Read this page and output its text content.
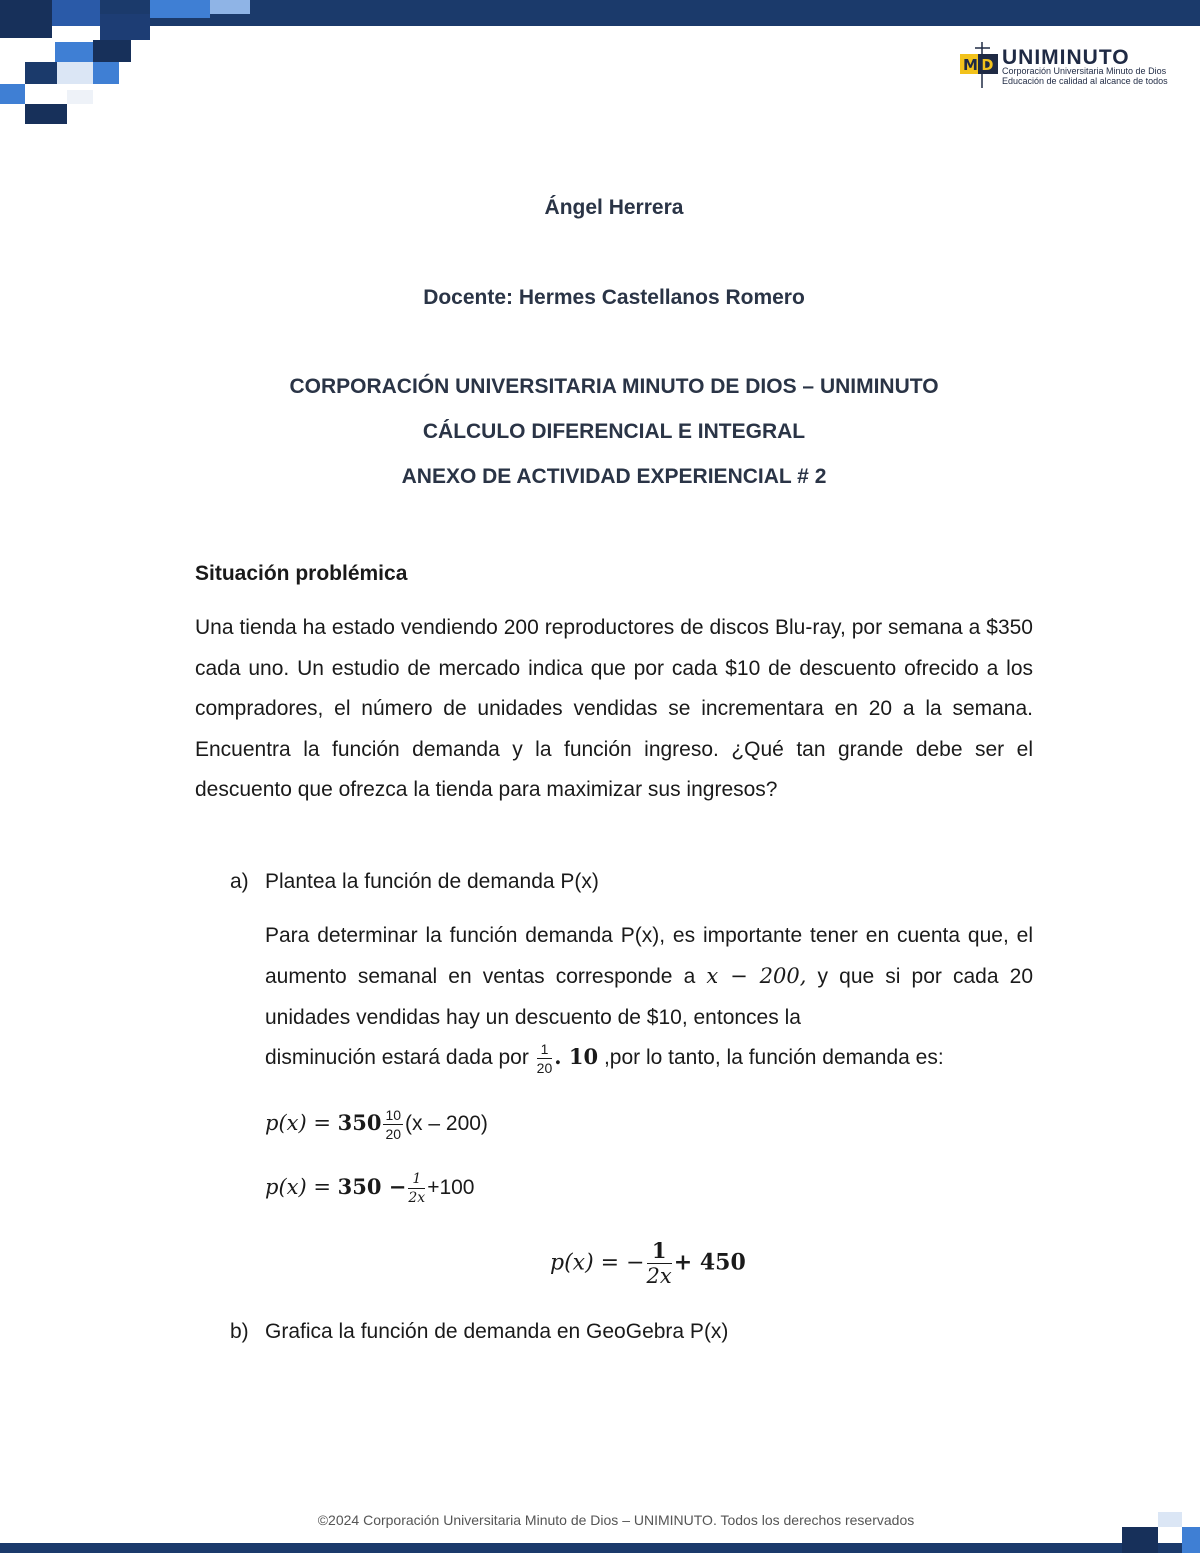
M D UNIMINUTO
Corporación Universitaria Minuto de Dios
Educación de calidad al alcance de todos
Ángel Herrera
Docente: Hermes Castellanos Romero
CORPORACIÓN UNIVERSITARIA MINUTO DE DIOS – UNIMINUTO
CÁLCULO DIFERENCIAL E INTEGRAL
ANEXO DE ACTIVIDAD EXPERIENCIAL # 2
Situación problémica
Una tienda ha estado vendiendo 200 reproductores de discos Blu-ray, por semana a $350 cada uno. Un estudio de mercado indica que por cada $10 de descuento ofrecido a los compradores, el número de unidades vendidas se incrementara en 20 a la semana. Encuentra la función demanda y la función ingreso. ¿Qué tan grande debe ser el descuento que ofrezca la tienda para maximizar sus ingresos?
a) Plantea la función de demanda P(x)
Para determinar la función demanda P(x), es importante tener en cuenta que, el aumento semanal en ventas corresponde a x − 200, y que si por cada 20 unidades vendidas hay un descuento de $10, entonces la
disminución estará dada por $\frac{1}{20}$ . 10 ,por lo tanto, la función demanda es:
$p(x) = 350 \frac{10}{20} (x - 200)$
$p(x) = 350 - \frac{1}{2x} +100$
p(x) = − $\frac{1}{2x} + 450$
b) Grafica la función de demanda en GeoGebra P(x)
©2024 Corporación Universitaria Minuto de Dios – UNIMINUTO. Todos los derechos reservados
